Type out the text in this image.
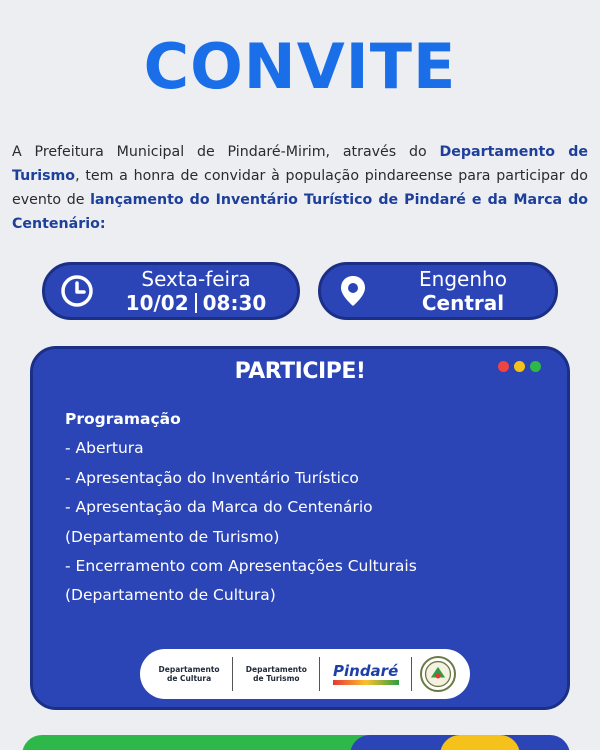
CONVITE

A Prefeitura Municipal de Pindaré-Mirim, através do Departamento de Turismo, tem a honra de convidar à população pindareense para participar do evento de lançamento do Inventário Turístico de Pindaré e da Marca do Centenário:

Sexta-feira
10/02 08:30
Engenho
Central
PARTICIPE!
Programação
- Abertura
- Apresentação do Inventário Turístico
- Apresentação da Marca do Centenário
(Departamento de Turismo)
- Encerramento com Apresentações Culturais
(Departamento de Cultura)
Departamento de Cultura
Departamento de Turismo	Pindaré
